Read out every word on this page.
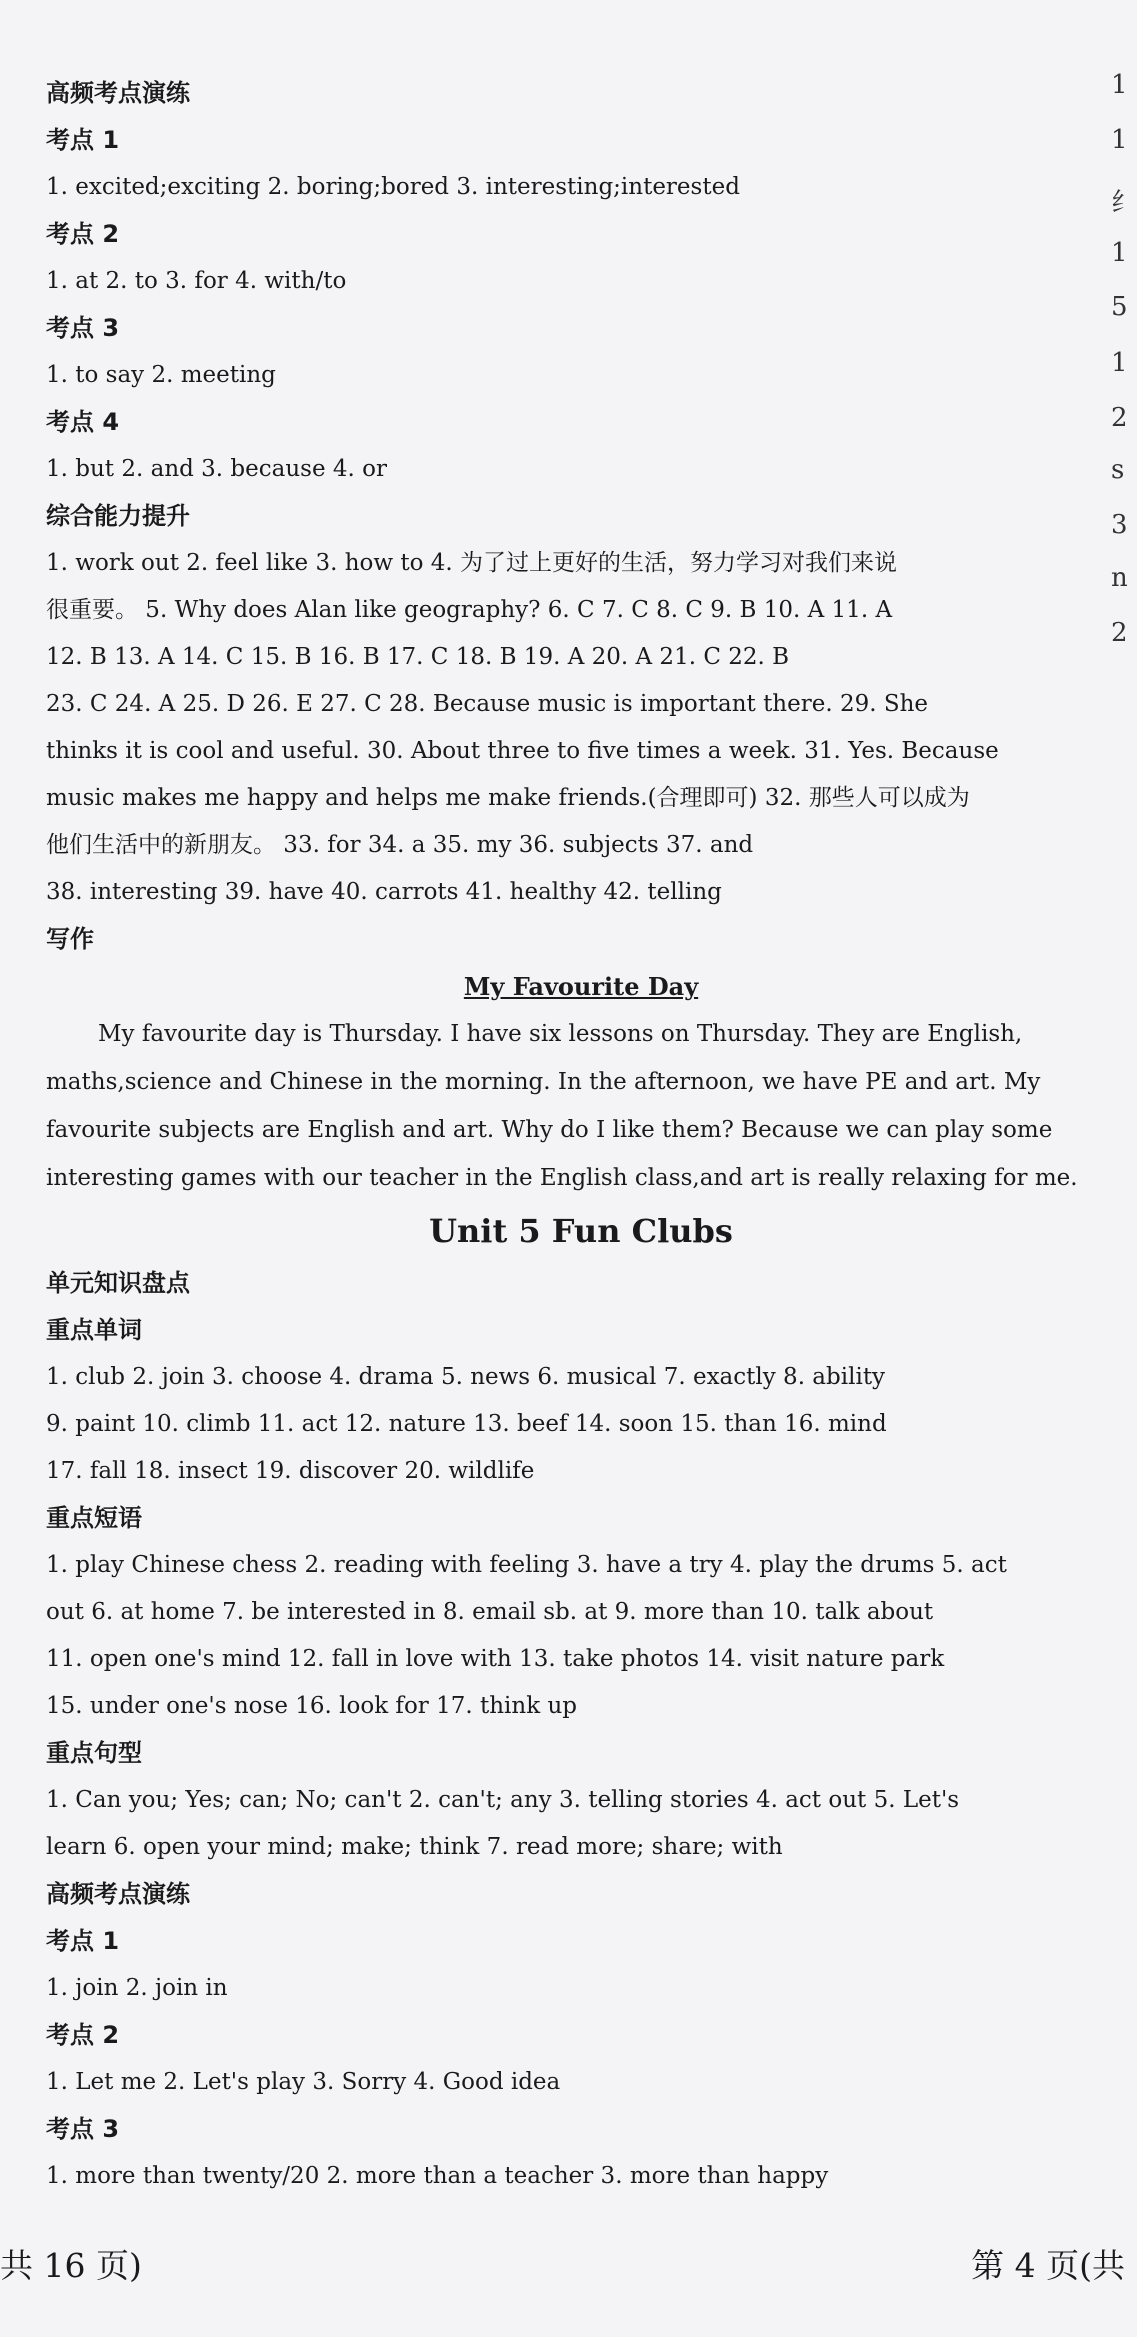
高频考点演练
考点 1
1. excited;exciting 2. boring;bored 3. interesting;interested
考点 2
1. at 2. to 3. for 4. with/to
考点 3
1. to say 2. meeting
考点 4
1. but 2. and 3. because 4. or
综合能力提升
1. work out 2. feel like 3. how to 4. 为了过上更好的生活，努力学习对我们来说
很重要。 5. Why does Alan like geography? 6. C 7. C 8. C 9. B 10. A 11. A
12. B 13. A 14. C 15. B 16. B 17. C 18. B 19. A 20. A 21. C 22. B
23. C 24. A 25. D 26. E 27. C 28. Because music is important there. 29. She
thinks it is cool and useful. 30. About three to five times a week. 31. Yes. Because
music makes me happy and helps me make friends.(合理即可) 32. 那些人可以成为
他们生活中的新朋友。 33. for 34. a 35. my 36. subjects 37. and
38. interesting 39. have 40. carrots 41. healthy 42. telling
写作
My Favourite Day
My favourite day is Thursday. I have six lessons on Thursday. They are English,
maths,science and Chinese in the morning. In the afternoon, we have PE and art. My
favourite subjects are English and art. Why do I like them? Because we can play some
interesting games with our teacher in the English class,and art is really relaxing for me.
Unit 5 Fun Clubs
单元知识盘点
重点单词
1. club 2. join 3. choose 4. drama 5. news 6. musical 7. exactly 8. ability
9. paint 10. climb 11. act 12. nature 13. beef 14. soon 15. than 16. mind
17. fall 18. insect 19. discover 20. wildlife
重点短语
1. play Chinese chess 2. reading with feeling 3. have a try 4. play the drums 5. act
out 6. at home 7. be interested in 8. email sb. at 9. more than 10. talk about
11. open one's mind 12. fall in love with 13. take photos 14. visit nature park
15. under one's nose 16. look for 17. think up
重点句型
1. Can you; Yes; can; No; can't 2. can't; any 3. telling stories 4. act out 5. Let's
learn 6. open your mind; make; think 7. read more; share; with
高频考点演练
考点 1
1. join 2. join in
考点 2
1. Let me 2. Let's play 3. Sorry 4. Good idea
考点 3
1. more than twenty/20 2. more than a teacher 3. more than happy
共 16 页)	第 4 页(共
1
1
纟
1
5
1
2
s
3
n
2
